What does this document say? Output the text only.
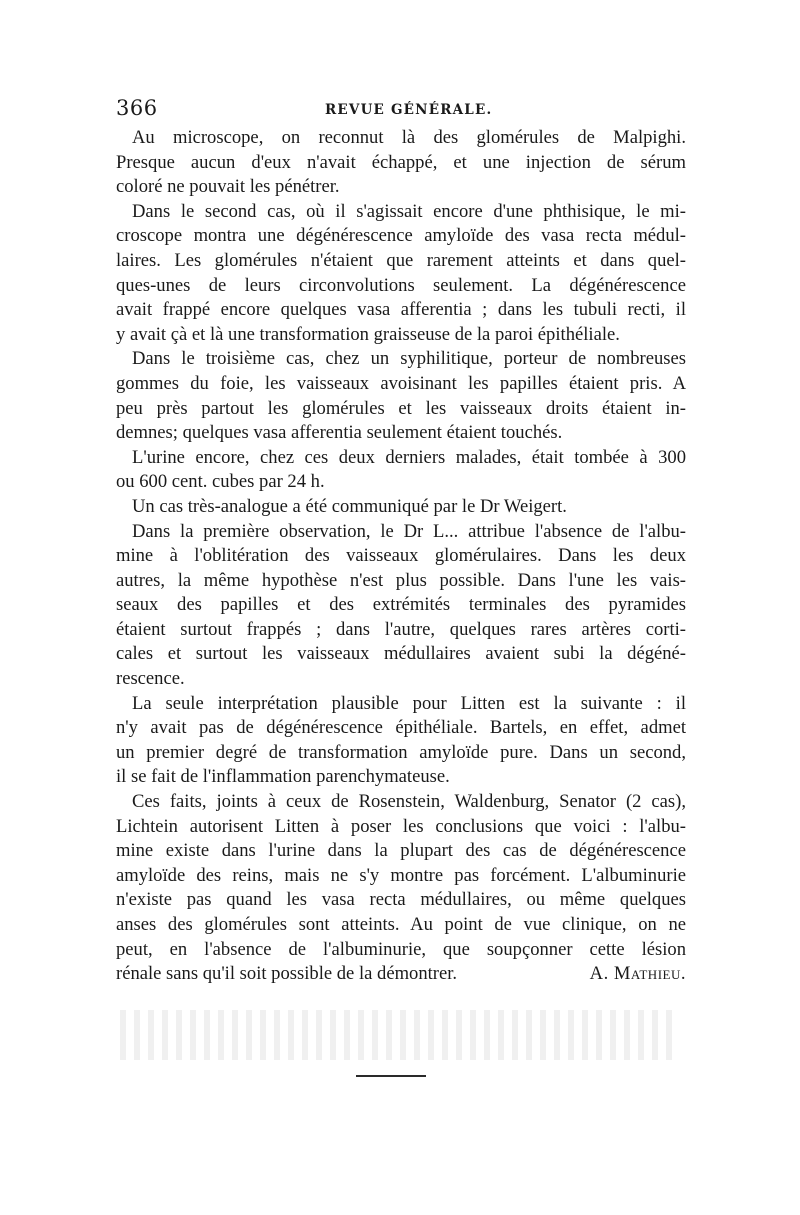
366	REVUE GÉNÉRALE.
Au microscope, on reconnut là des glomérules de Malpighi.
Presque aucun d'eux n'avait échappé, et une injection de sérum
coloré ne pouvait les pénétrer.
Dans le second cas, où il s'agissait encore d'une phthisique, le mi-
croscope montra une dégénérescence amyloïde des vasa recta médul-
laires. Les glomérules n'étaient que rarement atteints et dans quel-
ques-unes de leurs circonvolutions seulement. La dégénérescence
avait frappé encore quelques vasa afferentia ; dans les tubuli recti, il
y avait çà et là une transformation graisseuse de la paroi épithéliale.
Dans le troisième cas, chez un syphilitique, porteur de nombreuses
gommes du foie, les vaisseaux avoisinant les papilles étaient pris. A
peu près partout les glomérules et les vaisseaux droits étaient in-
demnes; quelques vasa afferentia seulement étaient touchés.
L'urine encore, chez ces deux derniers malades, était tombée à 300
ou 600 cent. cubes par 24 h.
Un cas très-analogue a été communiqué par le Dr Weigert.
Dans la première observation, le Dr L... attribue l'absence de l'albu-
mine à l'oblitération des vaisseaux glomérulaires. Dans les deux
autres, la même hypothèse n'est plus possible. Dans l'une les vais-
seaux des papilles et des extrémités terminales des pyramides
étaient surtout frappés ; dans l'autre, quelques rares artères corti-
cales et surtout les vaisseaux médullaires avaient subi la dégéné-
rescence.
La seule interprétation plausible pour Litten est la suivante : il
n'y avait pas de dégénérescence épithéliale. Bartels, en effet, admet
un premier degré de transformation amyloïde pure. Dans un second,
il se fait de l'inflammation parenchymateuse.
Ces faits, joints à ceux de Rosenstein, Waldenburg, Senator (2 cas),
Lichtein autorisent Litten à poser les conclusions que voici : l'albu-
mine existe dans l'urine dans la plupart des cas de dégénérescence
amyloïde des reins, mais ne s'y montre pas forcément. L'albuminurie
n'existe pas quand les vasa recta médullaires, ou même quelques
anses des glomérules sont atteints. Au point de vue clinique, on ne
peut, en l'absence de l'albuminurie, que soupçonner cette lésion
rénale sans qu'il soit possible de la démontrer.	A. Mathieu.
